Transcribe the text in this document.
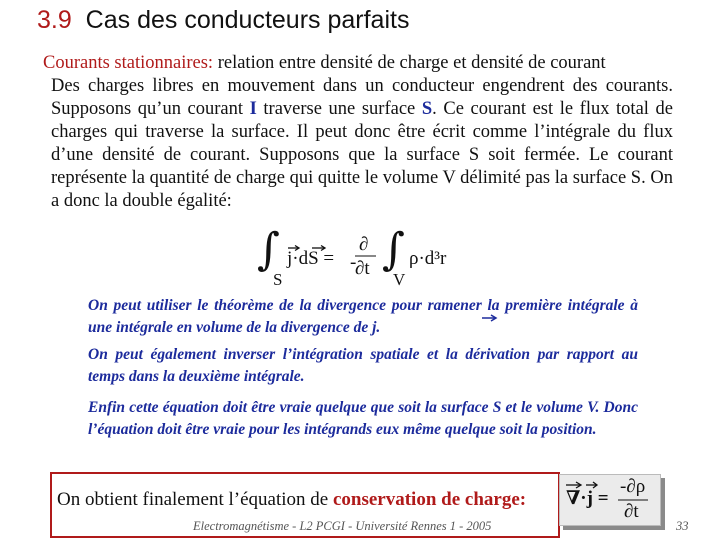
3.9 Cas des conducteurs parfaits
Courants stationnaires: relation entre densité de charge et densité de courant
Des charges libres en mouvement dans un conducteur engendrent des courants. Supposons qu’un courant I traverse une surface S. Ce courant est le flux total de charges qui traverse la surface. Il peut donc être écrit comme l’intégrale du flux d’une densité de courant. Supposons que la surface S soit fermée. Le courant représente la quantité de charge qui quitte le volume V délimité pas la surface S. On a donc la double égalité:
∫
S
j·dS = -
∂
∂t ∫
V
ρ·d³r
On peut utiliser le théorème de la divergence pour ramener la première intégrale à une intégrale en volume de la divergence de j.
On peut également inverser l’intégration spatiale et la dérivation par rapport au temps dans la deuxième intégrale.
Enfin cette équation doit être vraie quelque que soit la surface S et le volume V. Donc l’équation doit être vraie pour les intégrands eux même quelque soit la position.
On obtient finalement l’équation de conservation de charge: ∇·j =
-∂ρ
∂t
Electromagnétisme - L2 PCGI - Université Rennes 1 - 2005	33
